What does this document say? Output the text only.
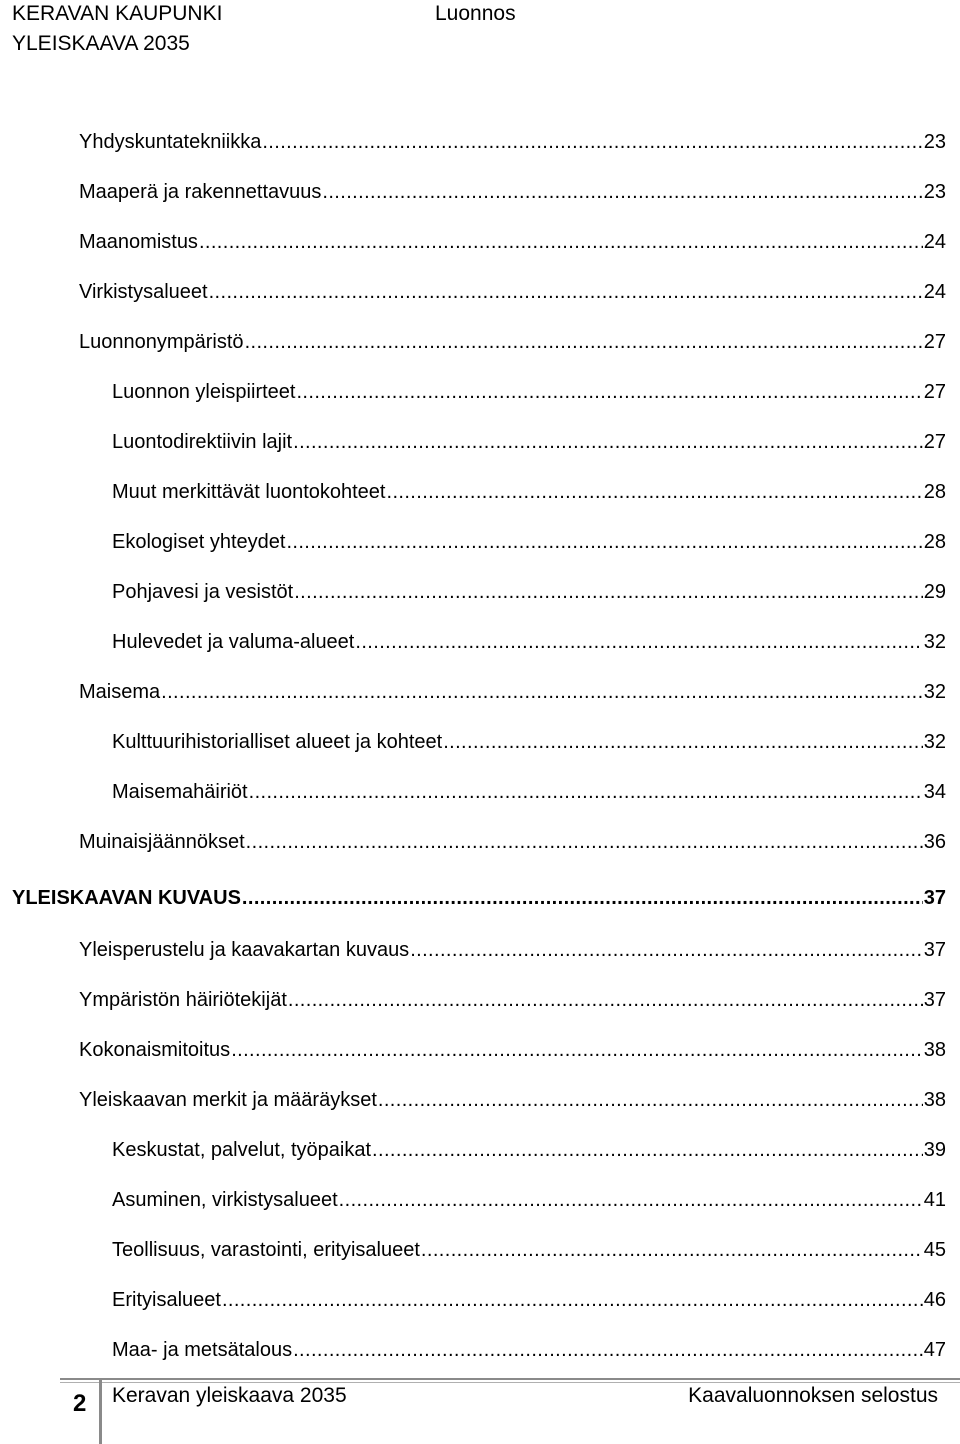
KERAVAN KAUPUNKI
YLEISKAAVA 2035
Luonnos
Yhdyskuntatekniikka .....	23
Maaperä ja rakennettavuus .....	23
Maanomistus .....	24
Virkistysalueet .....	24
Luonnonympäristö .....	27
Luonnon yleispiirteet .....	27
Luontodirektiivin lajit .....	27
Muut merkittävät luontokohteet .....	28
Ekologiset yhteydet .....	28
Pohjavesi ja vesistöt .....	29
Hulevedet ja valuma-alueet .....	32
Maisema .....	32
Kulttuurihistorialliset alueet ja kohteet .....	32
Maisemahäiriöt .....	34
Muinaisjäännökset .....	36
YLEISKAAVAN KUVAUS .....	37
Yleisperustelu ja kaavakartan kuvaus .....	37
Ympäristön häiriötekijät .....	37
Kokonaismitoitus .....	38
Yleiskaavan merkit ja määräykset .....	38
Keskustat, palvelut, työpaikat .....	39
Asuminen, virkistysalueet .....	41
Teollisuus, varastointi, erityisalueet .....	45
Erityisalueet .....	46
Maa- ja metsätalous .....	47
2 Keravan yleiskaava 2035	Kaavaluonnoksen selostus
